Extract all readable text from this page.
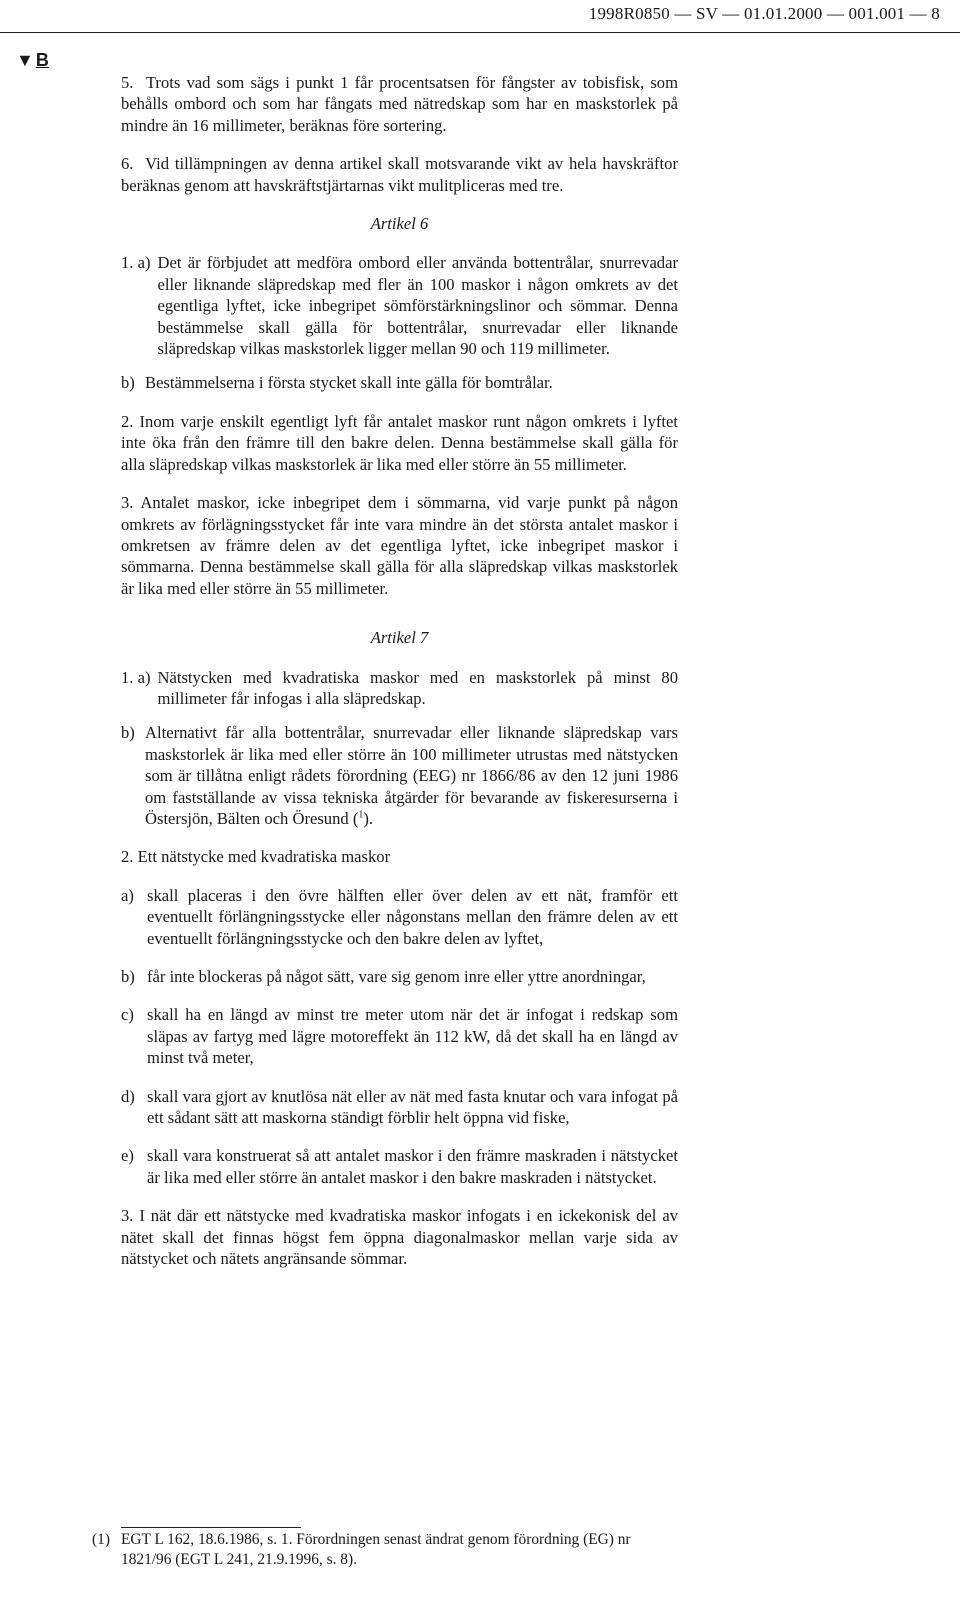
1998R0850 — SV — 01.01.2000 — 001.001 — 8
▼ B

5. Trots vad som sägs i punkt 1 får procentsatsen för fångster av tobisfisk, som behålls ombord och som har fångats med nätredskap som har en maskstorlek på mindre än 16 millimeter, beräknas före sortering.

6. Vid tillämpningen av denna artikel skall motsvarande vikt av hela havskräftor beräknas genom att havskräftstjärtarnas vikt mulitpliceras med tre.

Artikel 6
1. a) Det är förbjudet att medföra ombord eller använda bottentrålar, snurrevadar eller liknande släpredskap med fler än 100 maskor i någon omkrets av det egentliga lyftet, icke inbegripet sömförstärkningslinor och sömmar. Denna bestämmelse skall gälla för bottentrålar, snurrevadar eller liknande släpredskap vilkas maskstorlek ligger mellan 90 och 119 millimeter.
b) Bestämmelserna i första stycket skall inte gälla för bomtrålar.

2. Inom varje enskilt egentligt lyft får antalet maskor runt någon omkrets i lyftet inte öka från den främre till den bakre delen. Denna bestämmelse skall gälla för alla släpredskap vilkas maskstorlek är lika med eller större än 55 millimeter.

3. Antalet maskor, icke inbegripet dem i sömmarna, vid varje punkt på någon omkrets av förlägningsstycket får inte vara mindre än det största antalet maskor i omkretsen av främre delen av det egentliga lyftet, icke inbegripet maskor i sömmarna. Denna bestämmelse skall gälla för alla släpredskap vilkas maskstorlek är lika med eller större än 55 millimeter.

Artikel 7
1. a) Nätstycken med kvadratiska maskor med en maskstorlek på minst 80 millimeter får infogas i alla släpredskap.
b) Alternativt får alla bottentrålar, snurrevadar eller liknande släpredskap vars maskstorlek är lika med eller större än 100 millimeter utrustas med nätstycken som är tillåtna enligt rådets förordning (EEG) nr 1866/86 av den 12 juni 1986 om fastställande av vissa tekniska åtgärder för bevarande av fiskeresurserna i Östersjön, Bälten och Öresund ($^1$).

2. Ett nätstycke med kvadratiska maskor

a) skall placeras i den övre hälften eller över delen av ett nät, framför ett eventuellt förlängningsstycke eller någonstans mellan den främre delen av ett eventuellt förlängningsstycke och den bakre delen av lyftet,
b) får inte blockeras på något sätt, vare sig genom inre eller yttre anordningar,
c) skall ha en längd av minst tre meter utom när det är infogat i redskap som släpas av fartyg med lägre motoreffekt än 112 kW, då det skall ha en längd av minst två meter,
d) skall vara gjort av knutlösa nät eller av nät med fasta knutar och vara infogat på ett sådant sätt att maskorna ständigt förblir helt öppna vid fiske,
e) skall vara konstruerat så att antalet maskor i den främre maskraden i nätstycket är lika med eller större än antalet maskor i den bakre maskraden i nätstycket.

3. I nät där ett nätstycke med kvadratiska maskor infogats i en ickekonisk del av nätet skall det finnas högst fem öppna diagonalmaskor mellan varje sida av nätstycket och nätets angränsande sömmar.

(1) EGT L 162, 18.6.1986, s. 1. Förordningen senast ändrat genom förordning (EG) nr 1821/96 (EGT L 241, 21.9.1996, s. 8).
